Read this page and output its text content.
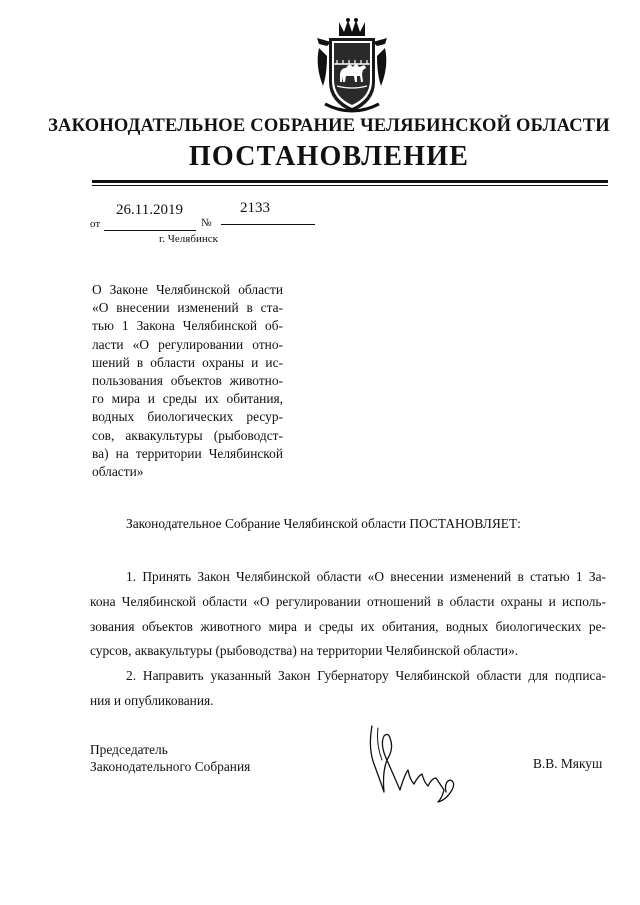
ЗАКОНОДАТЕЛЬНОЕ СОБРАНИЕ ЧЕЛЯБИНСКОЙ ОБЛАСТИ
ПОСТАНОВЛЕНИЕ
от
26.11.2019
№
2133
г. Челябинск
О Законе Челябинской области
«О внесении изменений в ста-
тью 1 Закона Челябинской об-
ласти «О регулировании отно-
шений в области охраны и ис-
пользования объектов животно-
го мира и среды их обитания,
водных биологических ресур-
сов, аквакультуры (рыбоводст-
ва) на территории Челябинской
области»
Законодательное Собрание Челябинской области ПОСТАНОВЛЯЕТ:
1. Принять Закон Челябинской области «О внесении изменений в статью 1 За-
кона Челябинской области «О регулировании отношений в области охраны и исполь-
зования объектов животного мира и среды их обитания, водных биологических ре-
сурсов, аквакультуры (рыбоводства) на территории Челябинской области».
2. Направить указанный Закон Губернатору Челябинской области для подписа-
ния и опубликования.
Председатель
Законодательного Собрания	В.В. Мякуш
